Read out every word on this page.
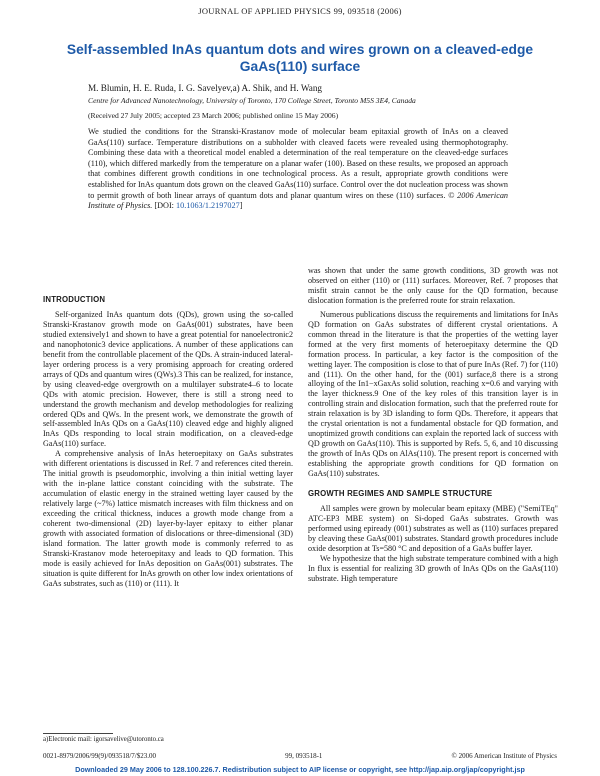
JOURNAL OF APPLIED PHYSICS 99, 093518 (2006)
Self-assembled InAs quantum dots and wires grown on a cleaved-edge GaAs(110) surface
M. Blumin, H. E. Ruda, I. G. Savelyev,a) A. Shik, and H. Wang
Centre for Advanced Nanotechnology, University of Toronto, 170 College Street, Toronto M5S 3E4, Canada
(Received 27 July 2005; accepted 23 March 2006; published online 15 May 2006)
We studied the conditions for the Stranski-Krastanov mode of molecular beam epitaxial growth of InAs on a cleaved GaAs(110) surface. Temperature distributions on a subholder with cleaved facets were revealed using thermophotography. Combining these data with a theoretical model enabled a determination of the real temperature on the cleaved-edge surfaces (110), which differed markedly from the temperature on a planar wafer (100). Based on these results, we proposed an approach that combines different growth conditions in one technological process. As a result, appropriate growth conditions were established for InAs quantum dots grown on the cleaved GaAs(110) surface. Control over the dot nucleation process was shown to permit growth of both linear arrays of quantum dots and planar quantum wires on these (110) surfaces. © 2006 American Institute of Physics. [DOI: 10.1063/1.2197027]
INTRODUCTION

Self-organized InAs quantum dots (QDs), grown using the so-called Stranski-Krastanov growth mode on GaAs(001) substrates, have been studied extensively1 and shown to have a great potential for nanoelectronic2 and nanophotonic3 device applications. A number of these applications can benefit from the controllable placement of the QDs. A strain-induced lateral-layer ordering process is a very promising approach for creating ordered arrays of QDs and quantum wires (QWs).3 This can be realized, for instance, by using cleaved-edge overgrowth on a multilayer substrate4–6 to locate QDs with atomic precision. However, there is still a strong need to understand the growth mechanism and develop methodologies for realizing ordered QDs and QWs. In the present work, we demonstrate the growth of self-assembled InAs QDs on a GaAs(110) cleaved edge and highly aligned InAs QDs responding to local strain modification, on a cleaved-edge GaAs(110) surface.

A comprehensive analysis of InAs heteroepitaxy on GaAs substrates with different orientations is discussed in Ref. 7 and references cited therein. The initial growth is pseudomorphic, involving a thin initial wetting layer with the in-plane lattice constant coinciding with the substrate. The accumulation of elastic energy in the strained wetting layer caused by the relatively large (~7%) lattice mismatch increases with film thickness and on exceeding the critical thickness, induces a growth mode change from a coherent two-dimensional (2D) layer-by-layer epitaxy to either planar growth with associated formation of dislocations or three-dimensional (3D) island formation. The latter growth mode is commonly referred to as Stranski-Krastanov mode heteroepitaxy and leads to QD formation. This mode is easily achieved for InAs deposition on GaAs(001) substrates. The situation is quite different for InAs growth on other low index orientations of GaAs substrates, such as (110) or (111). It

was shown that under the same growth conditions, 3D growth was not observed on either (110) or (111) surfaces. Moreover, Ref. 7 proposes that misfit strain cannot be the only cause for the QD formation, because dislocation formation is the preferred route for strain relaxation.

Numerous publications discuss the requirements and limitations for InAs QD formation on GaAs substrates of different crystal orientations. A common thread in the literature is that the properties of the wetting layer formed at the very first moments of heteroepitaxy determine the QD formation process. In particular, a key factor is the composition of the wetting layer. The composition is close to that of pure InAs (Ref. 7) for (110) and (111). On the other hand, for the (001) surface,8 there is a strong alloying of the In1−xGaxAs solid solution, reaching x=0.6 and varying with the layer thickness.9 One of the key roles of this transition layer is in controlling strain and dislocation formation, such that the preferred route for strain relaxation is by 3D islanding to form QDs. Therefore, it appears that the crystal orientation is not a fundamental obstacle for QD formation, and unoptimized growth conditions can explain the reported lack of success with QD growth on GaAs(110). This is supported by Refs. 5, 6, and 10 discussing the growth of InAs QDs on AlAs(110). The present report is concerned with establishing the appropriate growth conditions for QD formation on GaAs(110) substrates.

GROWTH REGIMES AND SAMPLE STRUCTURE

All samples were grown by molecular beam epitaxy (MBE) ("SemiTEq" ATC-EP3 MBE system) on Si-doped GaAs substrates. Growth was performed using epiready (001) substrates as well as (110) surfaces prepared by cleaving these GaAs(001) substrates. Standard growth procedures include oxide desorption at Ts=580 °C and deposition of a GaAs buffer layer.

We hypothesize that the high substrate temperature combined with a high In flux is essential for realizing 3D growth of InAs QDs on the GaAs(110) substrate. High temperature

a)Electronic mail: igorsavelive@utoronto.ca
0021-8979/2006/99(9)/093518/7/$23.00	99, 093518-1	© 2006 American Institute of Physics
Downloaded 29 May 2006 to 128.100.226.7. Redistribution subject to AIP license or copyright, see http://jap.aip.org/jap/copyright.jsp
